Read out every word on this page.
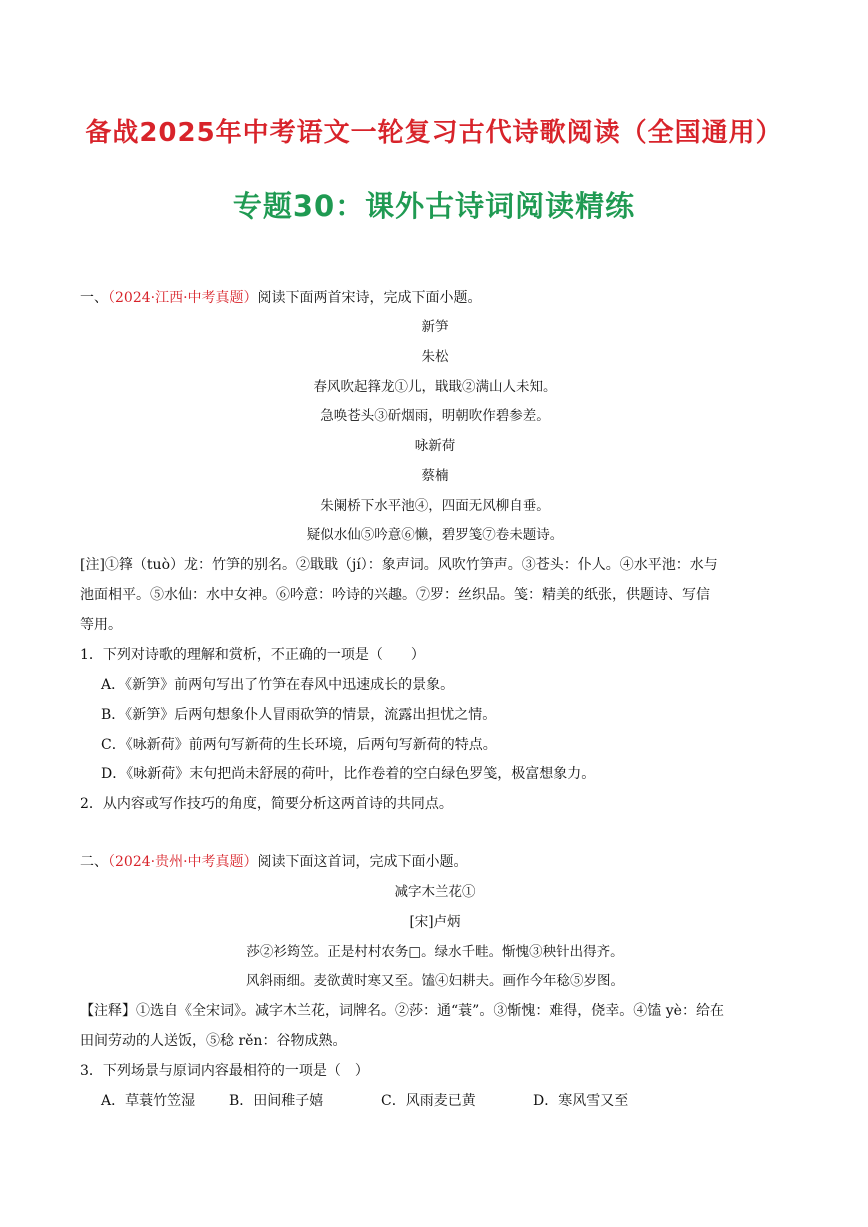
备战2025年中考语文一轮复习古代诗歌阅读（全国通用）
专题30：课外古诗词阅读精练
一、（2024·江西·中考真题）阅读下面两首宋诗，完成下面小题。
新笋
朱松
春风吹起箨龙①儿，戢戢②满山人未知。
急唤苍头③斫烟雨，明朝吹作碧参差。
咏新荷
蔡楠
朱阑桥下水平池④，四面无风柳自垂。
疑似水仙⑤吟意⑥懒，碧罗笺⑦卷未题诗。
[注]①箨（tuò）龙：竹笋的别名。②戢戢（jí）：象声词。风吹竹笋声。③苍头：仆人。④水平池：水与
池面相平。⑤水仙：水中女神。⑥吟意：吟诗的兴趣。⑦罗：丝织品。笺：精美的纸张，供题诗、写信
等用。
1．下列对诗歌的理解和赏析，不正确的一项是（　　）
A．《新笋》前两句写出了竹笋在春风中迅速成长的景象。
B．《新笋》后两句想象仆人冒雨砍笋的情景，流露出担忧之情。
C．《咏新荷》前两句写新荷的生长环境，后两句写新荷的特点。
D．《咏新荷》末句把尚未舒展的荷叶，比作卷着的空白绿色罗笺，极富想象力。
2．从内容或写作技巧的角度，简要分析这两首诗的共同点。
二、（2024·贵州·中考真题）阅读下面这首词，完成下面小题。
减字木兰花①
[宋]卢炳
莎②衫筠笠。正是村村农务□。绿水千畦。惭愧③秧针出得齐。
风斜雨细。麦欲黄时寒又至。馌④妇耕夫。画作今年稔⑤岁图。
【注释】①选自《全宋词》。减字木兰花，词牌名。②莎：通“蓑”。③惭愧：难得，侥幸。④馌 yè：给在
田间劳动的人送饭，⑤稔 rěn：谷物成熟。
3．下列场景与原词内容最相符的一项是（　）
A．草蓑竹笠湿 B．田间稚子嬉	C．风雨麦已黄	D．寒风雪又至
